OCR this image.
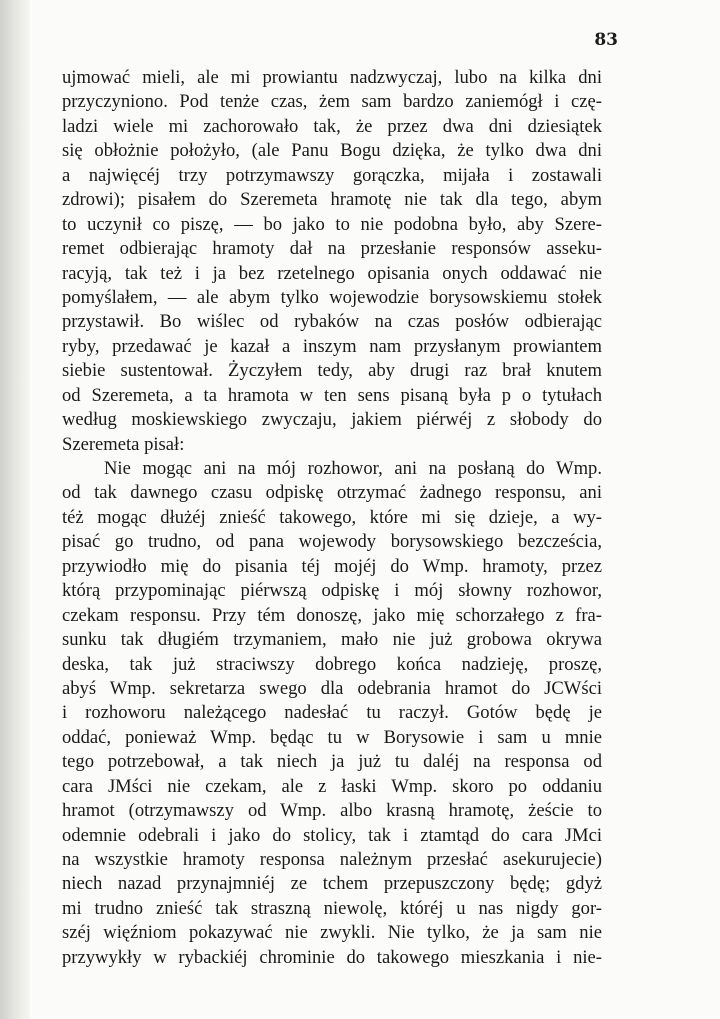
83
ujmować mieli, ale mi prowiantu nadzwyczaj, lubo na kilka dni
przyczyniono. Pod tenże czas, żem sam bardzo zaniemógł i czę-
ladzi wiele mi zachorowało tak, że przez dwa dni dziesiątek
się obłożnie położyło, (ale Panu Bogu dzięka, że tylko dwa dni
a najwięcéj trzy potrzymawszy gorączka, mijała i zostawali
zdrowi); pisałem do Szeremeta hramotę nie tak dla tego, abym
to uczynił co piszę, — bo jako to nie podobna było, aby Szere-
remet odbierając hramoty dał na przesłanie responsów asseku-
racyją, tak też i ja bez rzetelnego opisania onych oddawać nie
pomyślałem, — ale abym tylko wojewodzie borysowskiemu stołek
przystawił. Bo wiślec od rybaków na czas posłów odbierając
ryby, przedawać je kazał a inszym nam przysłanym prowiantem
siebie sustentował. Życzyłem tedy, aby drugi raz brał knutem
od Szeremeta, a ta hramota w ten sens pisaną była p o tytułach
według moskiewskiego zwyczaju, jakiem piérwéj z słobody do
Szeremeta pisał:
Nie mogąc ani na mój rozhowor, ani na posłaną do Wmp.
od tak dawnego czasu odpiskę otrzymać żadnego responsu, ani
téż mogąc dłużéj znieść takowego, które mi się dzieje, a wy-
pisać go trudno, od pana wojewody borysowskiego bezcześcia,
przywiodło mię do pisania téj mojéj do Wmp. hramoty, przez
którą przypominając piérwszą odpiskę i mój słowny rozhowor,
czekam responsu. Przy tém donoszę, jako mię schorzałego z fra-
sunku tak długiém trzymaniem, mało nie już grobowa okrywa
deska, tak już straciwszy dobrego końca nadzieję, proszę,
abyś Wmp. sekretarza swego dla odebrania hramot do JCWści
i rozhoworu należącego nadesłać tu raczył. Gotów będę je
oddać, ponieważ Wmp. będąc tu w Borysowie i sam u mnie
tego potrzebował, a tak niech ja już tu daléj na responsa od
cara JMści nie czekam, ale z łaski Wmp. skoro po oddaniu
hramot (otrzymawszy od Wmp. albo krasną hramotę, żeście to
odemnie odebrali i jako do stolicy, tak i ztamtąd do cara JMci
na wszystkie hramoty responsa należnym przesłać asekurujecie)
niech nazad przynajmniéj ze tchem przepuszczony będę; gdyż
mi trudno znieść tak straszną niewolę, któréj u nas nigdy gor-
széj więźniom pokazywać nie zwykli. Nie tylko, że ja sam nie
przywykły w rybackiéj chrominie do takowego mieszkania i nie-
